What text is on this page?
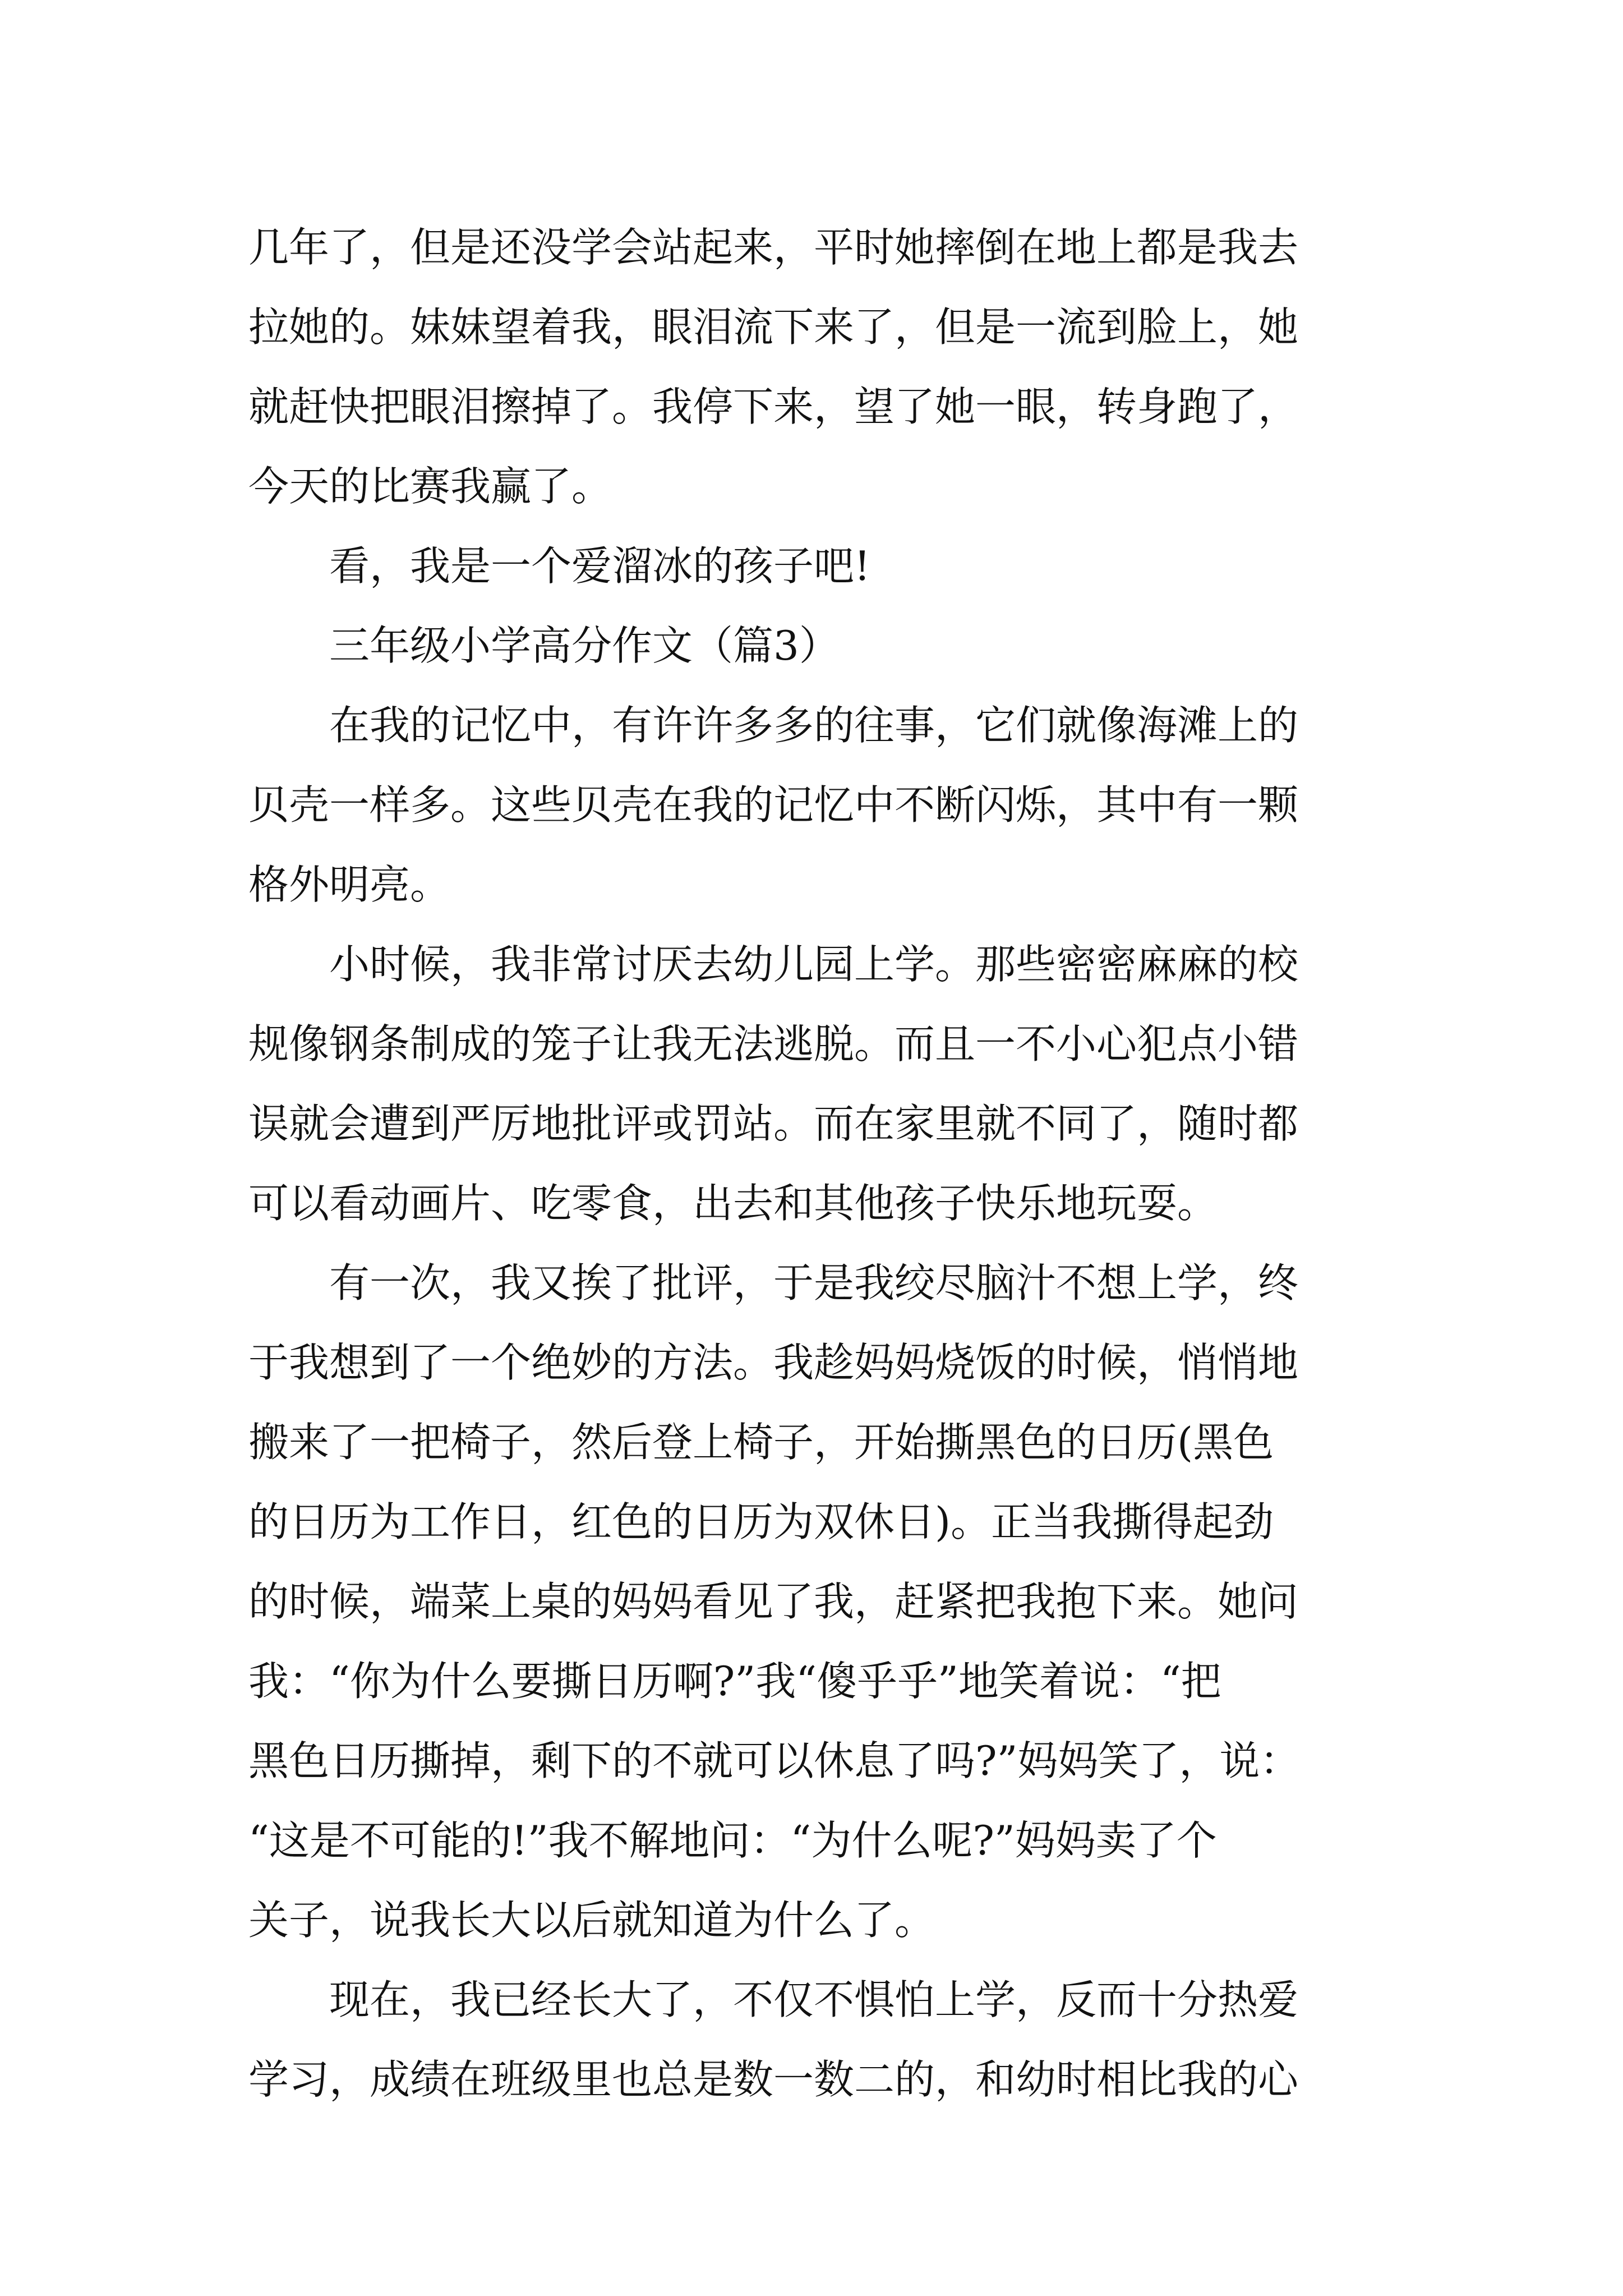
几年了，但是还没学会站起来，平时她摔倒在地上都是我去
拉她的。妹妹望着我，眼泪流下来了，但是一流到脸上，她
就赶快把眼泪擦掉了。我停下来，望了她一眼，转身跑了，
今天的比赛我赢了。
看，我是一个爱溜冰的孩子吧!
三年级小学高分作文（篇3）
在我的记忆中，有许许多多的往事，它们就像海滩上的
贝壳一样多。这些贝壳在我的记忆中不断闪烁，其中有一颗
格外明亮。
小时候，我非常讨厌去幼儿园上学。那些密密麻麻的校
规像钢条制成的笼子让我无法逃脱。而且一不小心犯点小错
误就会遭到严厉地批评或罚站。而在家里就不同了，随时都
可以看动画片、吃零食，出去和其他孩子快乐地玩耍。
有一次，我又挨了批评，于是我绞尽脑汁不想上学，终
于我想到了一个绝妙的方法。我趁妈妈烧饭的时候，悄悄地
搬来了一把椅子，然后登上椅子，开始撕黑色的日历(黑色
的日历为工作日，红色的日历为双休日)。正当我撕得起劲
的时候，端菜上桌的妈妈看见了我，赶紧把我抱下来。她问
我：“你为什么要撕日历啊?”我“傻乎乎”地笑着说：“把
黑色日历撕掉，剩下的不就可以休息了吗?”妈妈笑了，说：
“这是不可能的!”我不解地问：“为什么呢?”妈妈卖了个
关子，说我长大以后就知道为什么了。
现在，我已经长大了，不仅不惧怕上学，反而十分热爱
学习，成绩在班级里也总是数一数二的，和幼时相比我的心
